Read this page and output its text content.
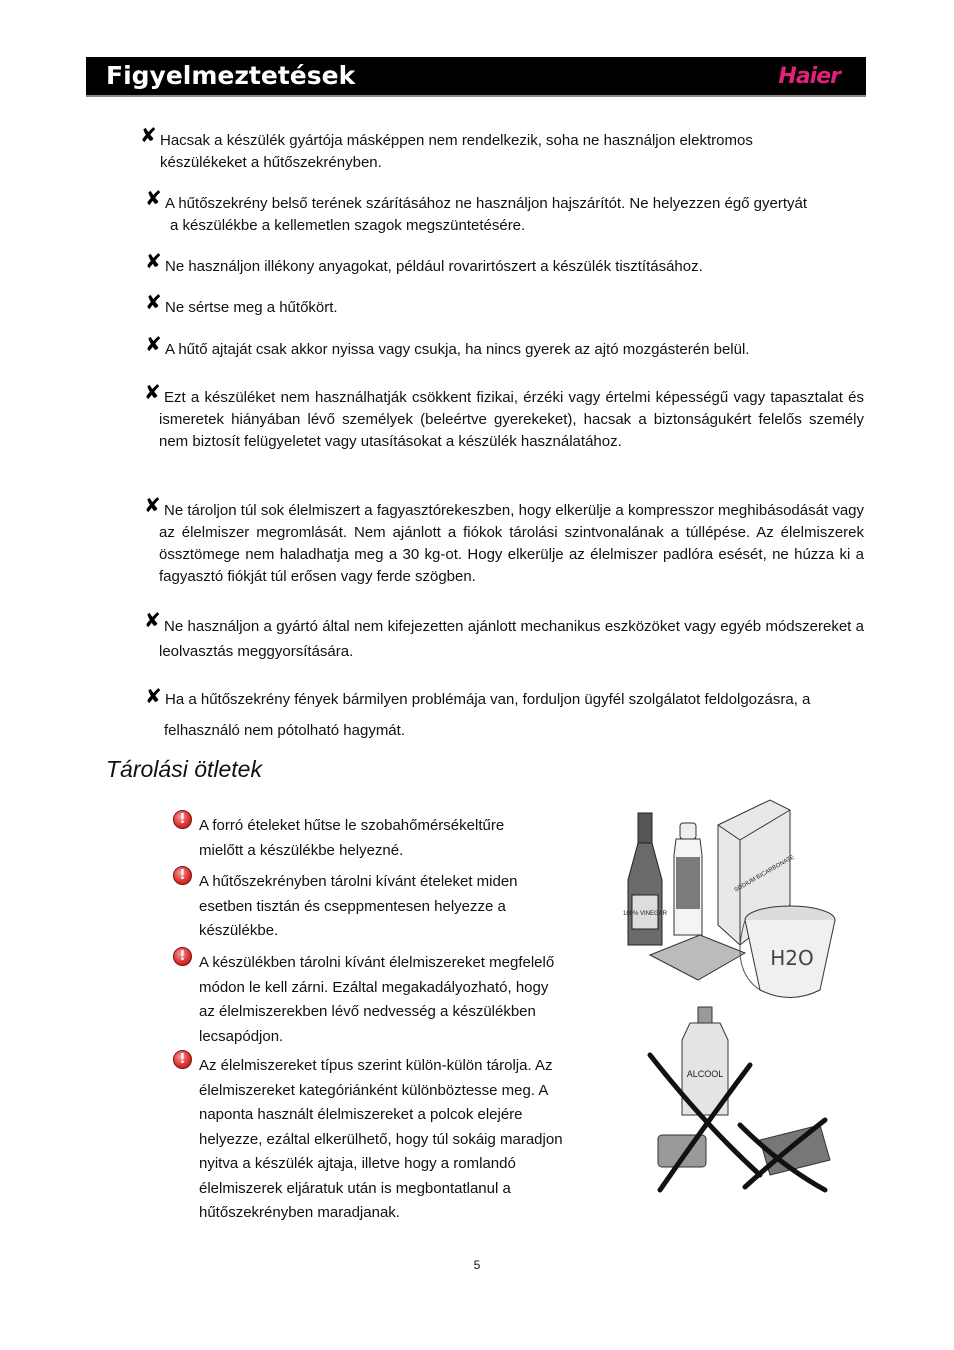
Figyelmeztetések	Haier
✘ Hacsak a készülék gyártója másképpen nem rendelkezik, soha ne használjon elektromos
készülékeket a hűtőszekrényben.
✘ A hűtőszekrény belső terének szárításához ne használjon hajszárítót. Ne helyezzen égő gyertyát
a készülékbe a kellemetlen szagok megszüntetésére.
✘ Ne használjon illékony anyagokat, például rovarirtószert a készülék tisztításához.
✘ Ne sértse meg a hűtőkört.
✘ A hűtő ajtaját csak akkor nyissa vagy csukja, ha nincs gyerek az ajtó mozgásterén belül.
✘ Ezt a készüléket nem használhatják csökkent fizikai, érzéki vagy értelmi képességű vagy tapasztalat és ismeretek hiányában lévő személyek (beleértve gyerekeket), hacsak a biztonságukért felelős személy nem biztosít felügyeletet vagy utasításokat a készülék használatához.
✘ Ne tároljon túl sok élelmiszert a fagyasztórekeszben, hogy elkerülje a kompresszor meghibásodását vagy az élelmiszer megromlását. Nem ajánlott a fiókok tárolási szintvonalának a túllépése. Az élelmiszerek össztömege nem haladhatja meg a 30 kg-ot. Hogy elkerülje az élelmiszer padlóra esését, ne húzza ki a fagyasztó fiókját túl erősen vagy ferde szögben.
✘ Ne használjon a gyártó által nem kifejezetten ajánlott mechanikus eszközöket vagy egyéb módszereket a leolvasztás meggyorsítására.
✘ Ha a hűtőszekrény fények bármilyen problémája van, forduljon ügyfél szolgálatot feldolgozásra, a
felhasználó nem pótolható hagymát.
Tárolási ötletek
! A forró ételeket hűtse le szobahőmérsékeltűre
mielőtt a készülékbe helyezné.
! A hűtőszekrényben tárolni kívánt ételeket miden
esetben tisztán és cseppmentesen helyezze a
készülékbe.
! A készülékben tárolni kívánt élelmiszereket megfelelő
módon le kell zárni. Ezáltal megakadályozható, hogy
az élelmiszerekben lévő nedvesség a készülékben
lecsapódjon.
! Az élelmiszereket típus szerint külön-külön tárolja. Az
élelmiszereket kategóriánként különböztesse meg. A
naponta használt élelmiszereket a polcok elejére
helyezze, ezáltal elkerülhető, hogy túl sokáig maradjon
nyitva a készülék ajtaja, illetve hogy a romlandó
élelmiszerek eljáratuk után is megbontatlanul a
hűtőszekrényben maradjanak.
100% VINEGAR
SODIUM BICARBONATE
H2O
ALCOOL
5
